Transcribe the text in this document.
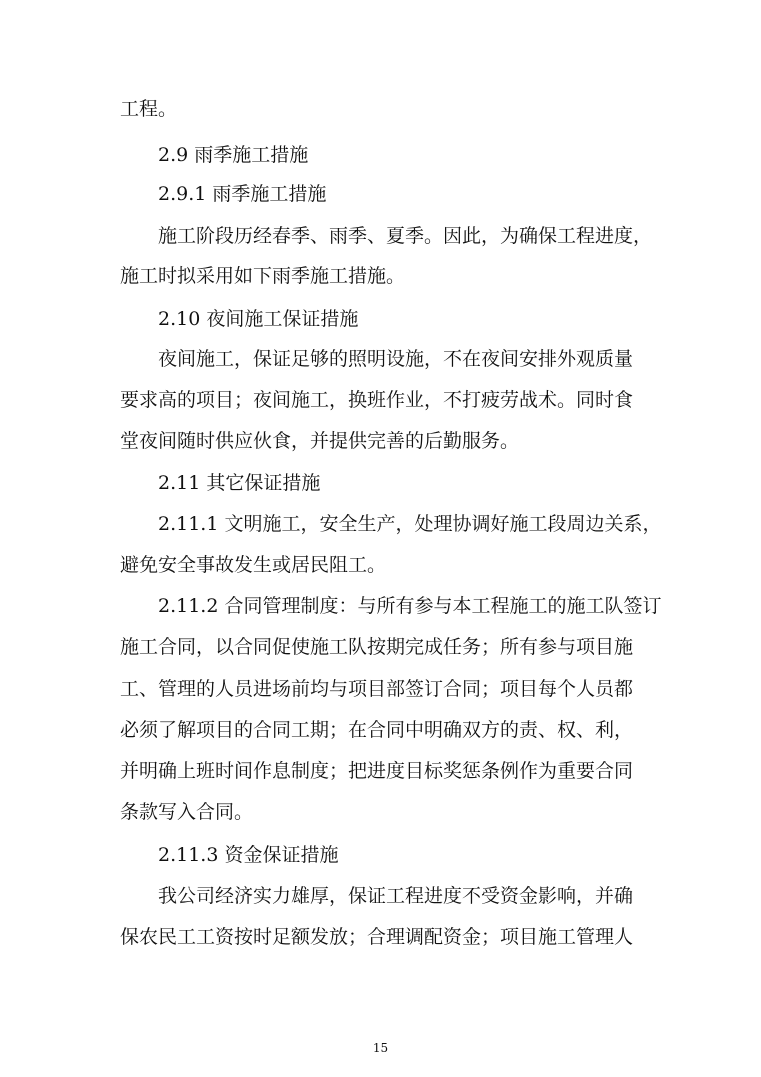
工程。
2.9 雨季施工措施
2.9.1 雨季施工措施
施工阶段历经春季、雨季、夏季。因此，为确保工程进度，
施工时拟采用如下雨季施工措施。
2.10 夜间施工保证措施
夜间施工，保证足够的照明设施，不在夜间安排外观质量
要求高的项目；夜间施工，换班作业，不打疲劳战术。同时食
堂夜间随时供应伙食，并提供完善的后勤服务。
2.11 其它保证措施
2.11.1 文明施工，安全生产，处理协调好施工段周边关系，
避免安全事故发生或居民阻工。
2.11.2 合同管理制度：与所有参与本工程施工的施工队签订
施工合同，以合同促使施工队按期完成任务；所有参与项目施
工、管理的人员进场前均与项目部签订合同；项目每个人员都
必须了解项目的合同工期；在合同中明确双方的责、权、利，
并明确上班时间作息制度；把进度目标奖惩条例作为重要合同
条款写入合同。
2.11.3 资金保证措施
我公司经济实力雄厚，保证工程进度不受资金影响，并确
保农民工工资按时足额发放；合理调配资金；项目施工管理人
15
